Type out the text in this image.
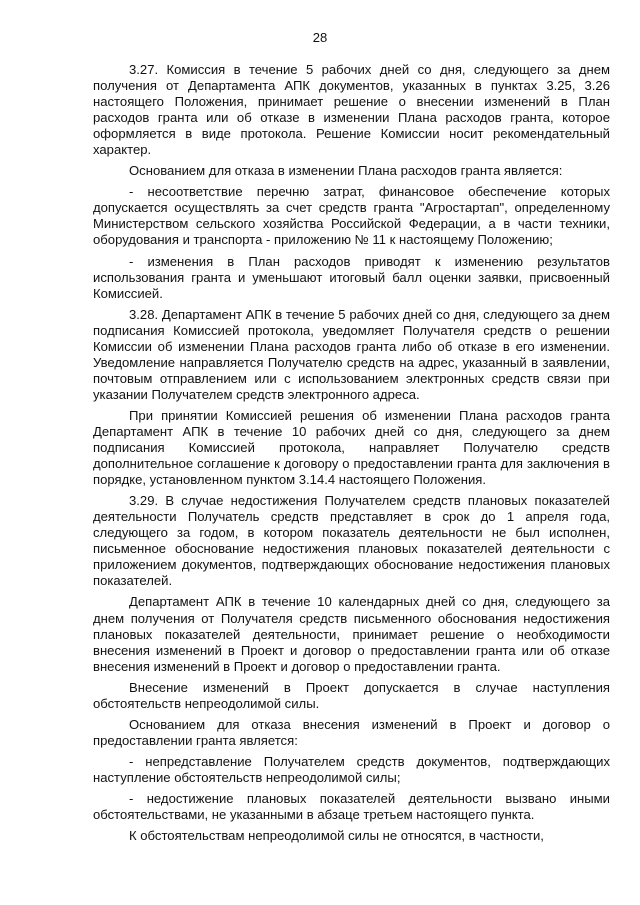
28

3.27. Комиссия в течение 5 рабочих дней со дня, следующего за днем получения от Департамента АПК документов, указанных в пунктах 3.25, 3.26 настоящего Положения, принимает решение о внесении изменений в План расходов гранта или об отказе в изменении Плана расходов гранта, которое оформляется в виде протокола. Решение Комиссии носит рекомендательный характер.

Основанием для отказа в изменении Плана расходов гранта является:

- несоответствие перечню затрат, финансовое обеспечение которых допускается осуществлять за счет средств гранта "Агростартап", определенному Министерством сельского хозяйства Российской Федерации, а в части техники, оборудования и транспорта - приложению № 11 к настоящему Положению;

- изменения в План расходов приводят к изменению результатов использования гранта и уменьшают итоговый балл оценки заявки, присвоенный Комиссией.

3.28. Департамент АПК в течение 5 рабочих дней со дня, следующего за днем подписания Комиссией протокола, уведомляет Получателя средств о решении Комиссии об изменении Плана расходов гранта либо об отказе в его изменении. Уведомление направляется Получателю средств на адрес, указанный в заявлении, почтовым отправлением или с использованием электронных средств связи при указании Получателем средств электронного адреса.

При принятии Комиссией решения об изменении Плана расходов гранта Департамент АПК в течение 10 рабочих дней со дня, следующего за днем подписания Комиссией протокола, направляет Получателю средств дополнительное соглашение к договору о предоставлении гранта для заключения в порядке, установленном пунктом 3.14.4 настоящего Положения.

3.29. В случае недостижения Получателем средств плановых показателей деятельности Получатель средств представляет в срок до 1 апреля года, следующего за годом, в котором показатель деятельности не был исполнен, письменное обоснование недостижения плановых показателей деятельности с приложением документов, подтверждающих обоснование недостижения плановых показателей.

Департамент АПК в течение 10 календарных дней со дня, следующего за днем получения от Получателя средств письменного обоснования недостижения плановых показателей деятельности, принимает решение о необходимости внесения изменений в Проект и договор о предоставлении гранта или об отказе внесения изменений в Проект и договор о предоставлении гранта.

Внесение изменений в Проект допускается в случае наступления обстоятельств непреодолимой силы.

Основанием для отказа внесения изменений в Проект и договор о предоставлении гранта является:

- непредставление Получателем средств документов, подтверждающих наступление обстоятельств непреодолимой силы;

- недостижение плановых показателей деятельности вызвано иными обстоятельствами, не указанными в абзаце третьем настоящего пункта.

К обстоятельствам непреодолимой силы не относятся, в частности,
